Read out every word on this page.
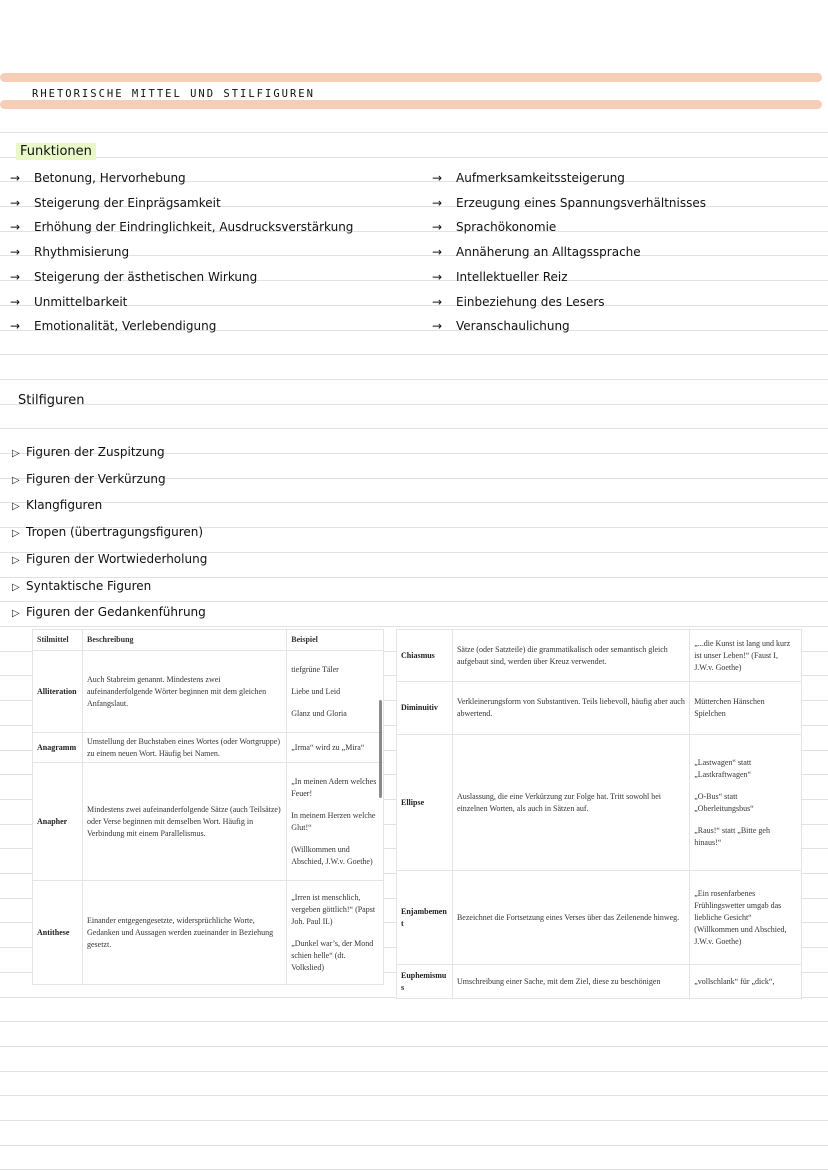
RHETORISCHE MITTEL UND STILFIGUREN
Funktionen
→ Betonung, Hervorhebung
→ Steigerung der Einprägsamkeit
→ Erhöhung der Eindringlichkeit, Ausdrucksverstärkung
→ Rhythmisierung
→ Steigerung der ästhetischen Wirkung
→ Unmittelbarkeit
→ Emotionalität, Verlebendigung
→ Aufmerksamkeitssteigerung
→ Erzeugung eines Spannungsverhältnisses
→ Sprachökonomie
→ Annäherung an Alltagssprache
→ Intellektueller Reiz
→ Einbeziehung des Lesers
→ Veranschaulichung
Stilfiguren
▷ Figuren der Zuspitzung
▷ Figuren der Verkürzung
▷ Klangfiguren
▷ Tropen (übertragungsfiguren)
▷ Figuren der Wortwiederholung
▷ Syntaktische Figuren
▷ Figuren der Gedankenführung
Stilmittel	Beschreibung	Beispiel
Alliteration	Auch Stabreim genannt. Mindestens zwei aufeinanderfolgende Wörter beginnen mit dem gleichen Anfangslaut.	tiefgrüne Täler

Liebe und Leid

Glanz und Gloria

Anagramm	Umstellung der Buchstaben eines Wortes (oder Wortgruppe) zu einem neuen Wort. Häufig bei Namen.	„Irma“ wird zu „Mira“

Anapher	Mindestens zwei aufeinanderfolgende Sätze (auch Teilsätze) oder Verse beginnen mit demselben Wort. Häufig in Verbindung mit einem Parallelismus.	„In meinen Adern welches Feuer!

In meinem Herzen welche Glut!“

(Willkommen und Abschied, J.W.v. Goethe)

Antithese	Einander entgegengesetzte, widersprüchliche Worte, Gedanken und Aussagen werden zueinander in Beziehung gesetzt.	„Irren ist menschlich, vergeben göttlich!“ (Papst Joh. Paul II.)

„Dunkel war’s, der Mond schien helle“ (dt. Volkslied)

Chiasmus	Sätze (oder Satzteile) die grammatikalisch oder semantisch gleich aufgebaut sind, werden über Kreuz verwendet.	„...die Kunst ist lang und kurz ist unser Leben!“ (Faust I, J.W.v. Goethe)

Diminuitiv	Verkleinerungsform von Substantiven. Teils liebevoll, häufig aber auch abwertend.	Mütterchen Hänschen Spielchen

Ellipse	Auslassung, die eine Verkürzung zur Folge hat. Tritt sowohl bei einzelnen Worten, als auch in Sätzen auf.	„Lastwagen“ statt „Lastkraftwagen“

„O-Bus“ statt „Oberleitungsbus“

„Raus!“ statt „Bitte geh hinaus!“

Enjambement	Bezeichnet die Fortsetzung eines Verses über das Zeilenende hinweg.	„Ein rosenfarbenes Frühlingswetter umgab das liebliche Gesicht“ (Willkommen und Abschied, J.W.v. Goethe)

Euphemismus	Umschreibung einer Sache, mit dem Ziel, diese zu beschönigen	„vollschlank“ für „dick“,
